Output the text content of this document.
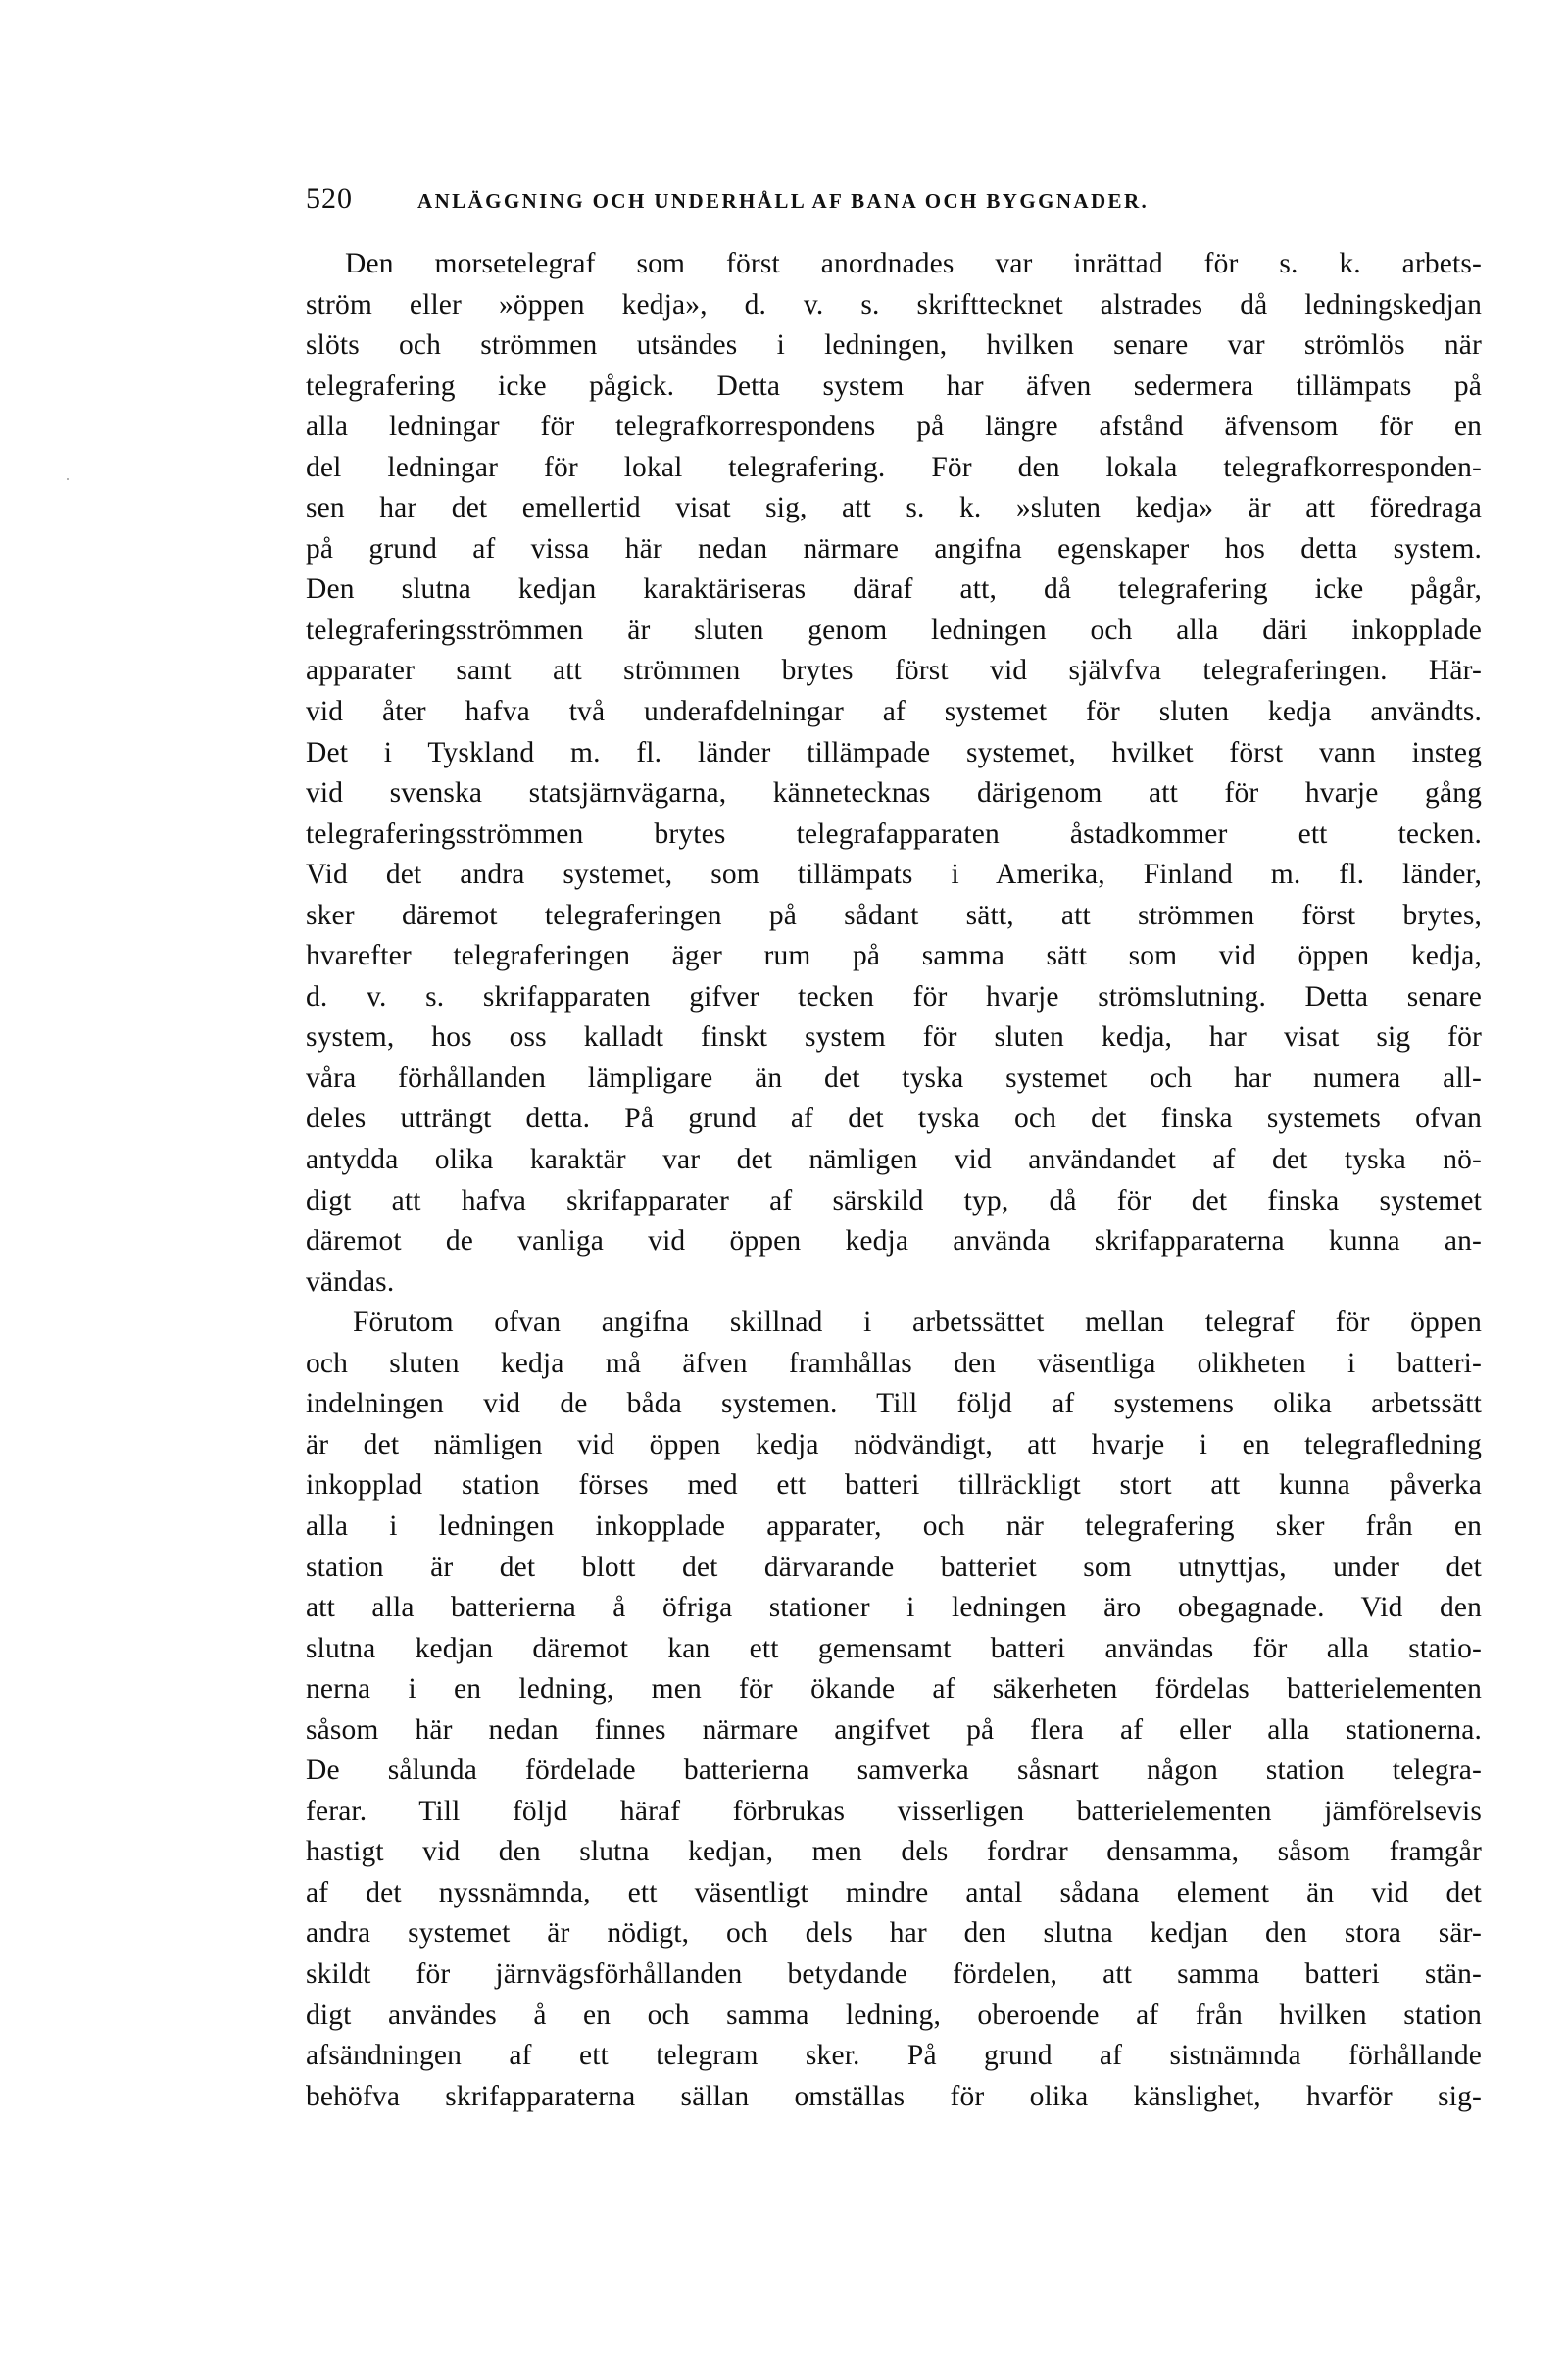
520	ANLÄGGNING OCH UNDERHÅLL AF BANA OCH BYGGNADER.
Den morsetelegraf som först anordnades var inrättad för s. k. arbets-
ström eller »öppen kedja», d. v. s. skrifttecknet alstrades då ledningskedjan
slöts och strömmen utsändes i ledningen, hvilken senare var strömlös när
telegrafering icke pågick. Detta system har äfven sedermera tillämpats på
alla ledningar för telegrafkorrespondens på längre afstånd äfvensom för en
del ledningar för lokal telegrafering. För den lokala telegrafkorresponden-
sen har det emellertid visat sig, att s. k. »sluten kedja» är att föredraga
på grund af vissa här nedan närmare angifna egenskaper hos detta system.
Den slutna kedjan karaktäriseras däraf att, då telegrafering icke pågår,
telegraferingsströmmen är sluten genom ledningen och alla däri inkopplade
apparater samt att strömmen brytes först vid självfva telegraferingen. Här-
vid åter hafva två underafdelningar af systemet för sluten kedja användts.
Det i Tyskland m. fl. länder tillämpade systemet, hvilket först vann insteg
vid svenska statsjärnvägarna, kännetecknas därigenom att för hvarje gång
telegraferingsströmmen brytes telegrafapparaten åstadkommer ett tecken.
Vid det andra systemet, som tillämpats i Amerika, Finland m. fl. länder,
sker däremot telegraferingen på sådant sätt, att strömmen först brytes,
hvarefter telegraferingen äger rum på samma sätt som vid öppen kedja,
d. v. s. skrifapparaten gifver tecken för hvarje strömslutning. Detta senare
system, hos oss kalladt finskt system för sluten kedja, har visat sig för
våra förhållanden lämpligare än det tyska systemet och har numera all-
deles utträngt detta. På grund af det tyska och det finska systemets ofvan
antydda olika karaktär var det nämligen vid användandet af det tyska nö-
digt att hafva skrifapparater af särskild typ, då för det finska systemet
däremot de vanliga vid öppen kedja använda skrifapparaterna kunna an-
vändas.
Förutom ofvan angifna skillnad i arbetssättet mellan telegraf för öppen
och sluten kedja må äfven framhållas den väsentliga olikheten i batteri-
indelningen vid de båda systemen. Till följd af systemens olika arbetssätt
är det nämligen vid öppen kedja nödvändigt, att hvarje i en telegrafledning
inkopplad station förses med ett batteri tillräckligt stort att kunna påverka
alla i ledningen inkopplade apparater, och när telegrafering sker från en
station är det blott det därvarande batteriet som utnyttjas, under det
att alla batterierna å öfriga stationer i ledningen äro obegagnade. Vid den
slutna kedjan däremot kan ett gemensamt batteri användas för alla statio-
nerna i en ledning, men för ökande af säkerheten fördelas batterielementen
såsom här nedan finnes närmare angifvet på flera af eller alla stationerna.
De sålunda fördelade batterierna samverka såsnart någon station telegra-
ferar. Till följd häraf förbrukas visserligen batterielementen jämförelsevis
hastigt vid den slutna kedjan, men dels fordrar densamma, såsom framgår
af det nyssnämnda, ett väsentligt mindre antal sådana element än vid det
andra systemet är nödigt, och dels har den slutna kedjan den stora sär-
skildt för järnvägsförhållanden betydande fördelen, att samma batteri stän-
digt användes å en och samma ledning, oberoende af från hvilken station
afsändningen af ett telegram sker. På grund af sistnämnda förhållande
behöfva skrifapparaterna sällan omställas för olika känslighet, hvarför sig-
